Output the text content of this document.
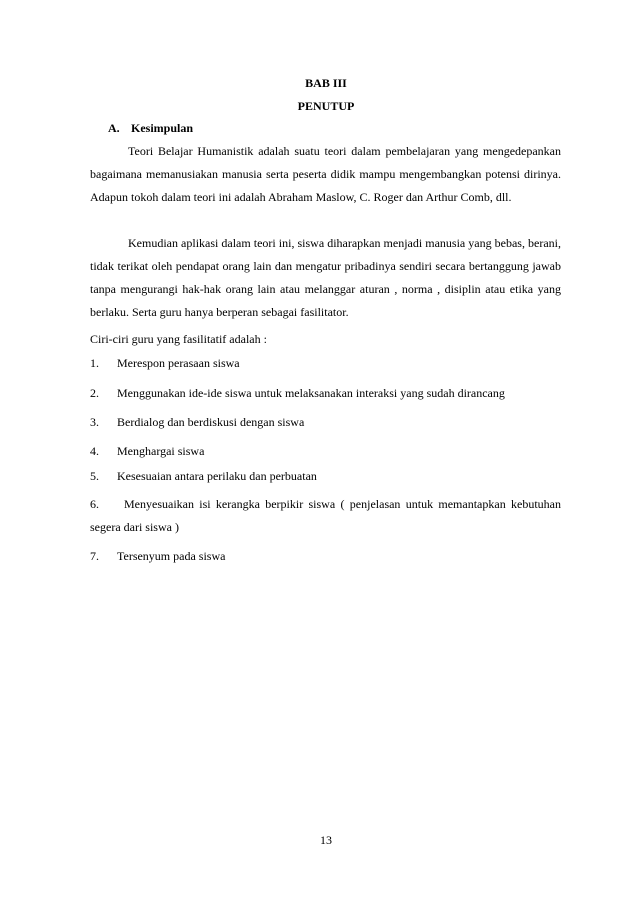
BAB III
PENUTUP
A. Kesimpulan
Teori Belajar Humanistik adalah suatu teori dalam pembelajaran yang mengedepankan bagaimana memanusiakan manusia serta peserta didik mampu mengembangkan potensi dirinya. Adapun tokoh dalam teori ini adalah Abraham Maslow, C. Roger dan Arthur Comb, dll.
Kemudian aplikasi dalam teori ini, siswa diharapkan menjadi manusia yang bebas, berani, tidak terikat oleh pendapat orang lain dan mengatur pribadinya sendiri secara bertanggung jawab tanpa mengurangi hak-hak orang lain atau melanggar aturan , norma , disiplin atau etika yang berlaku. Serta guru hanya berperan sebagai fasilitator.
Ciri-ciri guru yang fasilitatif adalah :
1. Merespon perasaan siswa
2. Menggunakan ide-ide siswa untuk melaksanakan interaksi yang sudah dirancang
3. Berdialog dan berdiskusi dengan siswa
4. Menghargai siswa
5. Kesesuaian antara perilaku dan perbuatan
6. Menyesuaikan isi kerangka berpikir siswa ( penjelasan untuk memantapkan kebutuhan segera dari siswa )
7. Tersenyum pada siswa
13
